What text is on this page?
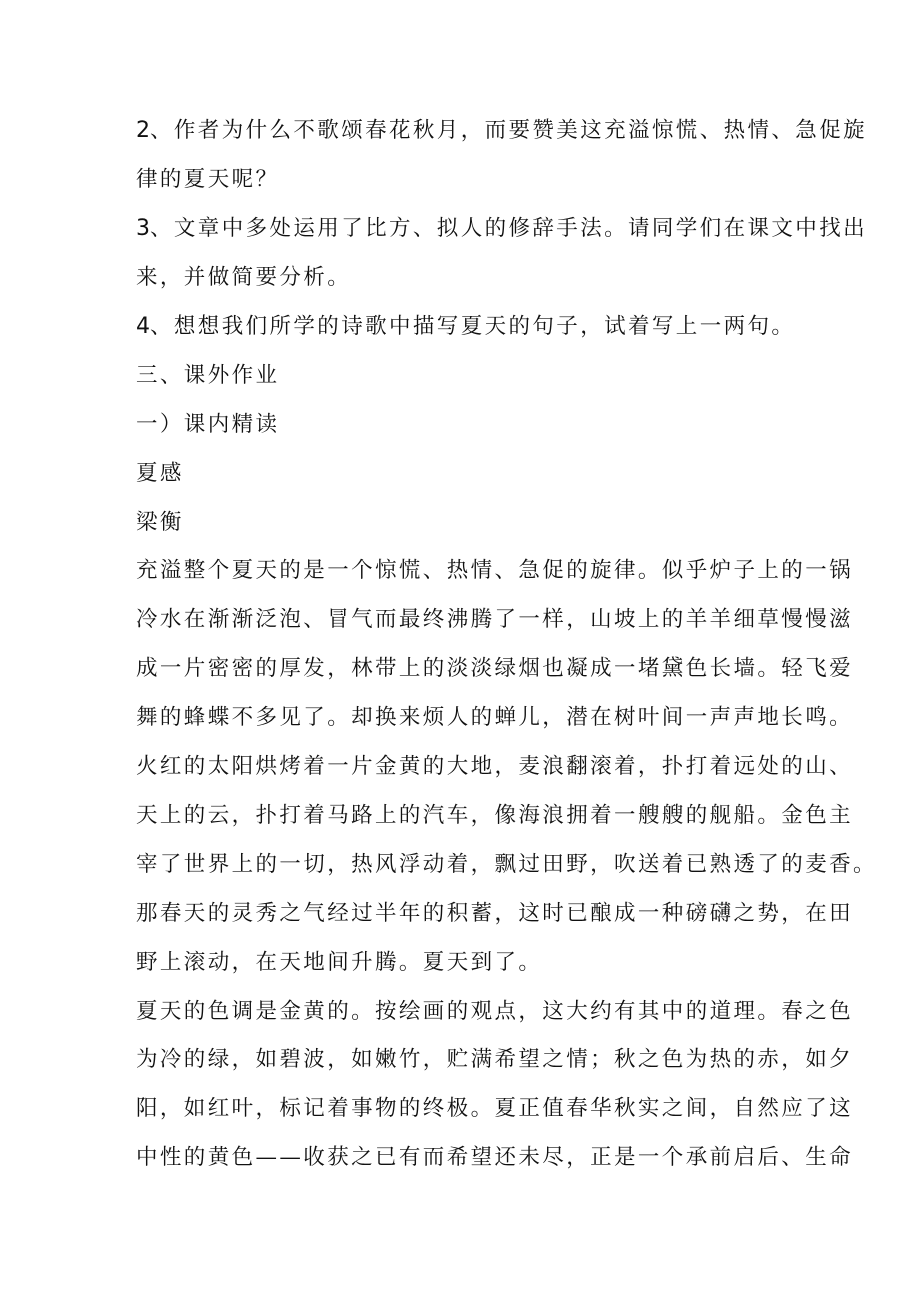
2、作者为什么不歌颂春花秋月，而要赞美这充溢惊慌、热情、急促旋
律的夏天呢？
3、文章中多处运用了比方、拟人的修辞手法。请同学们在课文中找出
来，并做简要分析。
4、想想我们所学的诗歌中描写夏天的句子，试着写上一两句。
三、课外作业
一）课内精读
夏感
梁衡
充溢整个夏天的是一个惊慌、热情、急促的旋律。似乎炉子上的一锅
冷水在渐渐泛泡、冒气而最终沸腾了一样，山坡上的羊羊细草慢慢滋
成一片密密的厚发，林带上的淡淡绿烟也凝成一堵黛色长墙。轻飞爱
舞的蜂蝶不多见了。却换来烦人的蝉儿，潜在树叶间一声声地长鸣。
火红的太阳烘烤着一片金黄的大地，麦浪翻滚着，扑打着远处的山、
天上的云，扑打着马路上的汽车，像海浪拥着一艘艘的舰船。金色主
宰了世界上的一切，热风浮动着，飘过田野，吹送着已熟透了的麦香。
那春天的灵秀之气经过半年的积蓄，这时已酿成一种磅礴之势，在田
野上滚动，在天地间升腾。夏天到了。
夏天的色调是金黄的。按绘画的观点，这大约有其中的道理。春之色
为冷的绿，如碧波，如嫩竹，贮满希望之情；秋之色为热的赤，如夕
阳，如红叶，标记着事物的终极。夏正值春华秋实之间，自然应了这
中性的黄色——收获之已有而希望还未尽，正是一个承前启后、生命
